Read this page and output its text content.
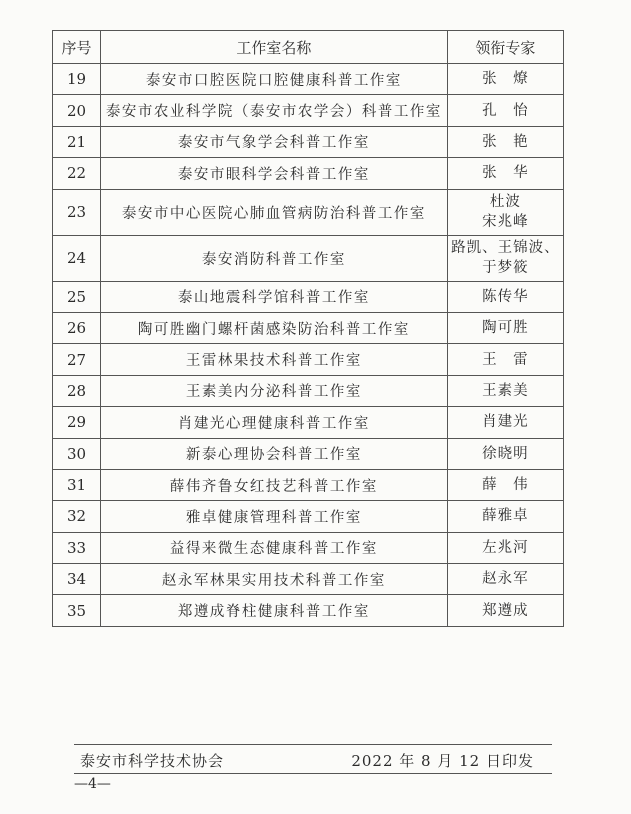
序号	工作室名称	领衔专家
19	泰安市口腔医院口腔健康科普工作室	张　燎

20	泰安市农业科学院（泰安市农学会）科普工作室	孔　怡

21	泰安市气象学会科普工作室	张　艳

22	泰安市眼科学会科普工作室	张　华

23	泰安市中心医院心肺血管病防治科普工作室	杜波
宋兆峰

24	泰安消防科普工作室	路凯、王锦波、
于梦筱

25	泰山地震科学馆科普工作室	陈传华

26	陶可胜幽门螺杆菌感染防治科普工作室	陶可胜

27	王雷林果技术科普工作室	王　雷

28	王素美内分泌科普工作室	王素美

29	肖建光心理健康科普工作室	肖建光

30	新泰心理协会科普工作室	徐晓明

31	薛伟齐鲁女红技艺科普工作室	薛　伟

32	雅卓健康管理科普工作室	薛雅卓

33	益得来微生态健康科普工作室	左兆河

34	赵永军林果实用技术科普工作室	赵永军

35	郑遵成脊柱健康科普工作室	郑遵成
泰安市科学技术协会	2022 年 8 月 12 日印发
—4—
